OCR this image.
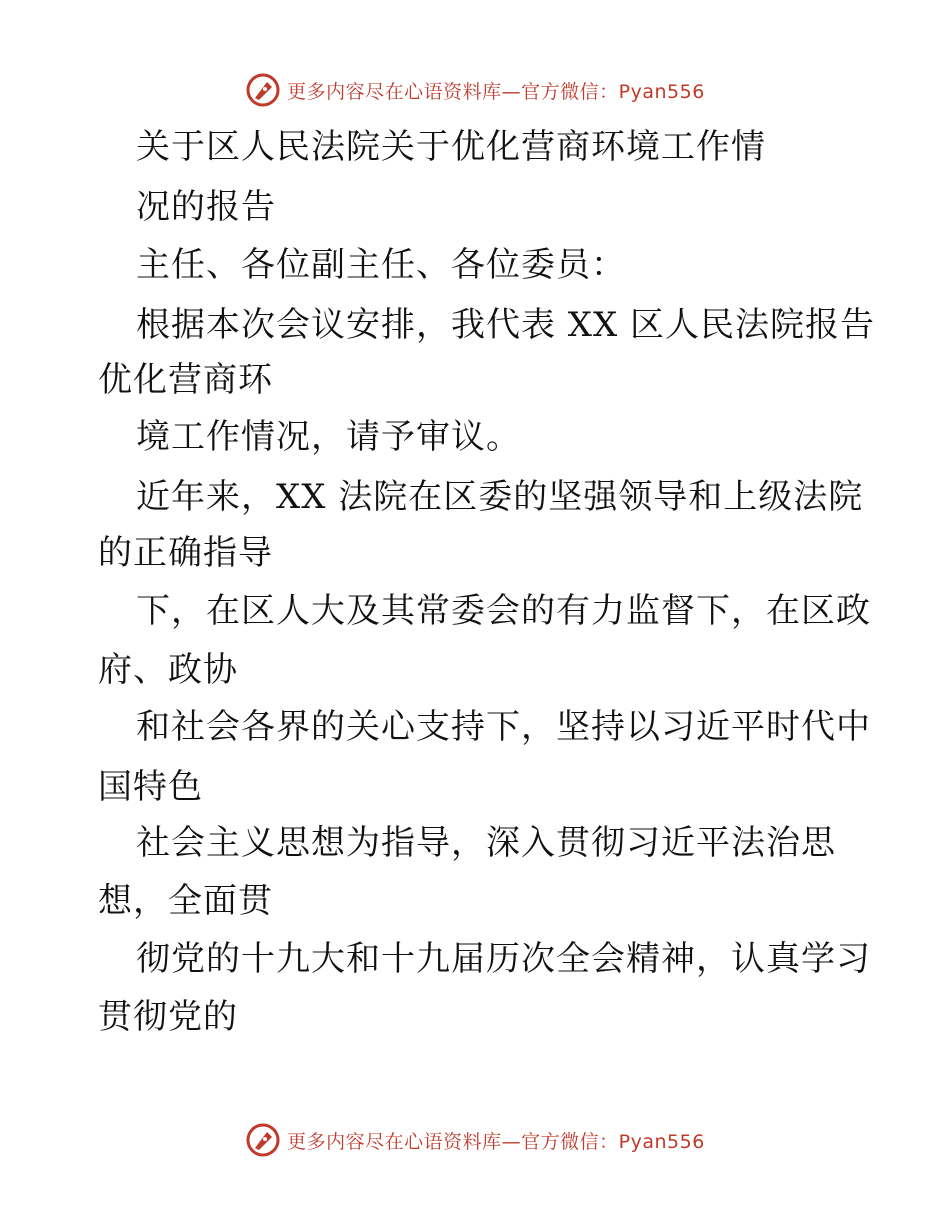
更多内容尽在心语资料库—官方微信：Pyan556
关于区人民法院关于优化营商环境工作情
况的报告
主任、各位副主任、各位委员：
根据本次会议安排，我代表 XX 区人民法院报告
优化营商环
境工作情况，请予审议。
近年来，XX 法院在区委的坚强领导和上级法院
的正确指导
下，在区人大及其常委会的有力监督下，在区政
府、政协
和社会各界的关心支持下，坚持以习近平时代中
国特色
社会主义思想为指导，深入贯彻习近平法治思
想，全面贯
彻党的十九大和十九届历次全会精神，认真学习
贯彻党的
更多内容尽在心语资料库—官方微信：Pyan556
